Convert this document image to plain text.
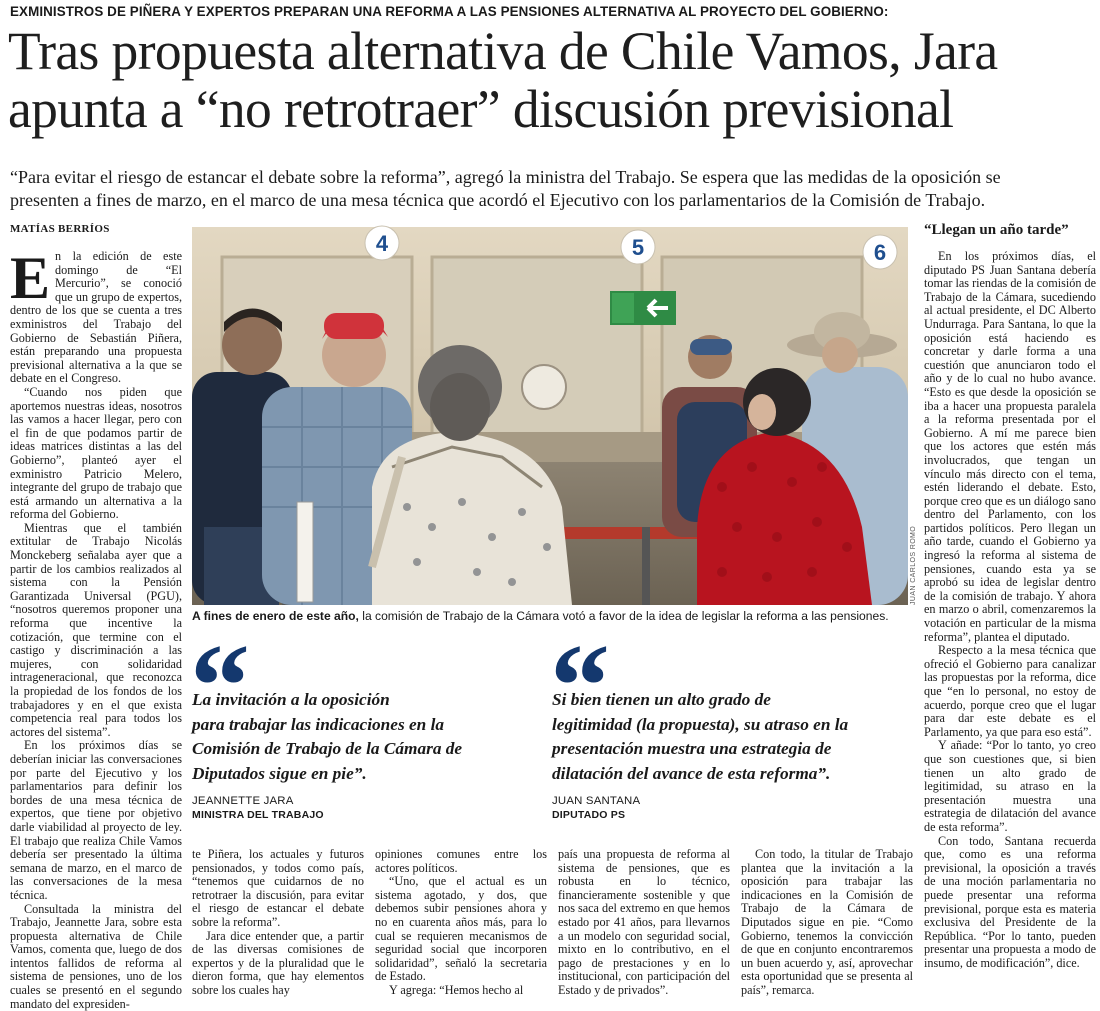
EXMINISTROS DE PIÑERA Y EXPERTOS PREPARAN UNA REFORMA A LAS PENSIONES ALTERNATIVA AL PROYECTO DEL GOBIERNO:
Tras propuesta alternativa de Chile Vamos, Jara
apunta a “no retrotraer” discusión previsional
“Para evitar el riesgo de estancar el debate sobre la reforma”, agregó la ministra del Trabajo. Se espera que las medidas de la oposición se
presenten a fines de marzo, en el marco de una mesa técnica que acordó el Ejecutivo con los parlamentarios de la Comisión de Trabajo.
MATÍAS BERRÍOS

En la edición de este domingo de “El Mercurio”, se conoció que un grupo de expertos, dentro de los que se cuenta a tres exministros del Trabajo del Gobierno de Sebastián Piñera, están preparando una propuesta previsional alternativa a la que se debate en el Congreso.

“Cuando nos piden que aportemos nuestras ideas, nosotros las vamos a hacer llegar, pero con el fin de que podamos partir de ideas matrices distintas a las del Gobierno”, planteó ayer el exministro Patricio Melero, integrante del grupo de trabajo que está armando un alternativa a la reforma del Gobierno.

Mientras que el también extitular de Trabajo Nicolás Monckeberg señalaba ayer que a partir de los cambios realizados al sistema con la Pensión Garantizada Universal (PGU), “nosotros queremos proponer una reforma que incentive la cotización, que termine con el castigo y discriminación a las mujeres, con solidaridad intrageneracional, que reconozca la propiedad de los fondos de los trabajadores y en el que exista competencia real para todos los actores del sistema”.

En los próximos días se deberían iniciar las conversaciones por parte del Ejecutivo y los parlamentarios para definir los bordes de una mesa técnica de expertos, que tiene por objetivo darle viabilidad al proyecto de ley. El trabajo que realiza Chile Vamos debería ser presentado la última semana de marzo, en el marco de las conversaciones de la mesa técnica.

Consultada la ministra del Trabajo, Jeannette Jara, sobre esta propuesta alternativa de Chile Vamos, comenta que, luego de dos intentos fallidos de reforma al sistema de pensiones, uno de los cuales se presentó en el segundo mandato del expresiden-

4	5	6
JUAN CARLOS ROMO
A fines de enero de este año, la comisión de Trabajo de la Cámara votó a favor de la idea de legislar la reforma a las pensiones.
“
La invitación a la oposición
para trabajar las indicaciones en la
Comisión de Trabajo de la Cámara de
Diputados sigue en pie”.
JEANNETTE JARA
MINISTRA DEL TRABAJO
“
Si bien tienen un alto grado de
legitimidad (la propuesta), su atraso en la
presentación muestra una estrategia de
dilatación del avance de esta reforma”.
JUAN SANTANA
DIPUTADO PS

te Piñera, los actuales y futuros pensionados, y todos como país, “tenemos que cuidarnos de no retrotraer la discusión, para evitar el riesgo de estancar el debate sobre la reforma”.

Jara dice entender que, a partir de las diversas comisiones de expertos y de la pluralidad que le dieron forma, que hay elementos sobre los cuales hay

opiniones comunes entre los actores políticos.

“Uno, que el actual es un sistema agotado, y dos, que debemos subir pensiones ahora y no en cuarenta años más, para lo cual se requieren mecanismos de seguridad social que incorporen solidaridad”, señaló la secretaria de Estado.

Y agrega: “Hemos hecho al

país una propuesta de reforma al sistema de pensiones, que es robusta en lo técnico, financieramente sostenible y que nos saca del extremo en que hemos estado por 41 años, para llevarnos a un modelo con seguridad social, mixto en lo contributivo, en el pago de prestaciones y en lo institucional, con participación del Estado y de privados”.

Con todo, la titular de Trabajo plantea que la invitación a la oposición para trabajar las indicaciones en la Comisión de Trabajo de la Cámara de Diputados sigue en pie. “Como Gobierno, tenemos la convicción de que en conjunto encontraremos un buen acuerdo y, así, aprovechar esta oportunidad que se presenta al país”, remarca.

“Llegan un año tarde”

En los próximos días, el diputado PS Juan Santana debería tomar las riendas de la comisión de Trabajo de la Cámara, sucediendo al actual presidente, el DC Alberto Undurraga. Para Santana, lo que la oposición está haciendo es concretar y darle forma a una cuestión que anunciaron todo el año y de lo cual no hubo avance. “Esto es que desde la oposición se iba a hacer una propuesta paralela a la reforma presentada por el Gobierno. A mí me parece bien que los actores que estén más involucrados, que tengan un vínculo más directo con el tema, estén liderando el debate. Esto, porque creo que es un diálogo sano dentro del Parlamento, con los partidos políticos. Pero llegan un año tarde, cuando el Gobierno ya ingresó la reforma al sistema de pensiones, cuando esta ya se aprobó su idea de legislar dentro de la comisión de trabajo. Y ahora en marzo o abril, comenzaremos la votación en particular de la misma reforma”, plantea el diputado.

Respecto a la mesa técnica que ofreció el Gobierno para canalizar las propuestas por la reforma, dice que “en lo personal, no estoy de acuerdo, porque creo que el lugar para dar este debate es el Parlamento, ya que para eso está”.

Y añade: “Por lo tanto, yo creo que son cuestiones que, si bien tienen un alto grado de legitimidad, su atraso en la presentación muestra una estrategia de dilatación del avance de esta reforma”.

Con todo, Santana recuerda que, como es una reforma previsional, la oposición a través de una moción parlamentaria no puede presentar una reforma previsional, porque esta es materia exclusiva del Presidente de la República. “Por lo tanto, pueden presentar una propuesta a modo de insumo, de modificación”, dice.
